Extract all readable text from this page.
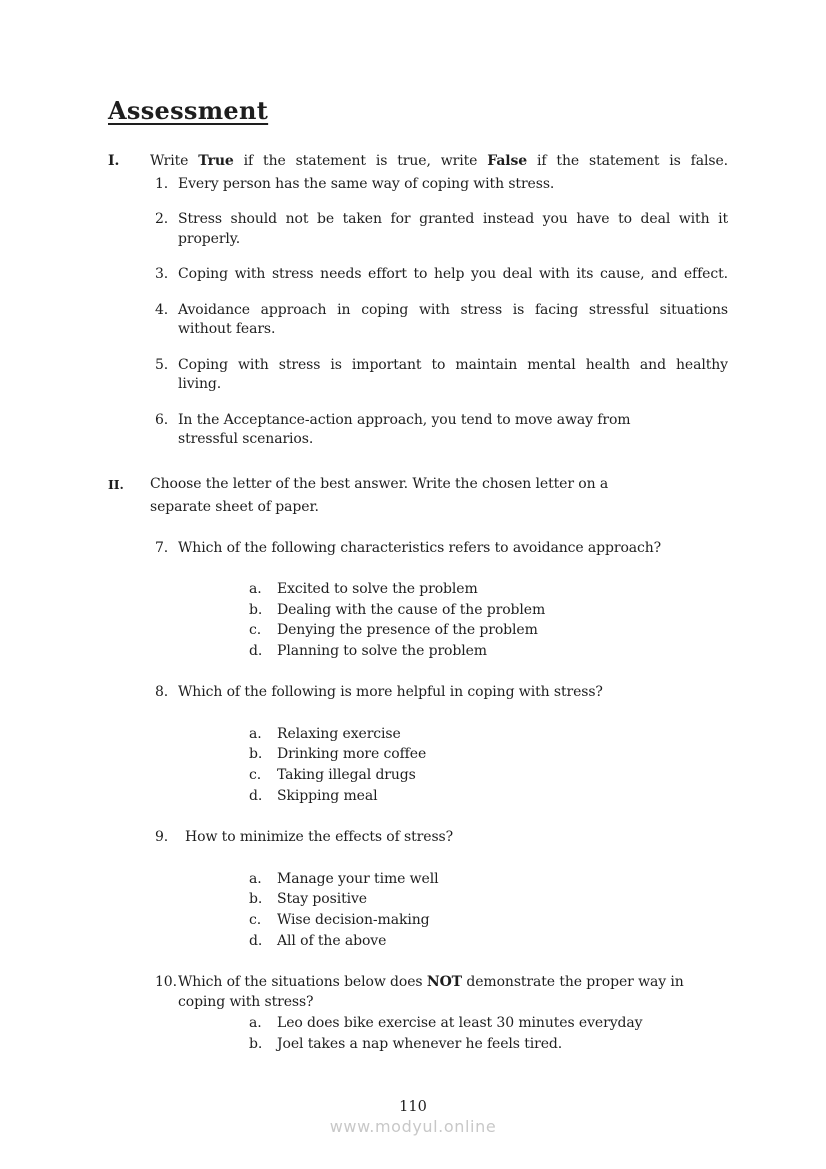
Assessment
I.	Write True if the statement is true, write False if the statement is false.
1. Every person has the same way of coping with stress.
2. Stress should not be taken for granted instead you have to deal with it
properly.
3. Coping with stress needs effort to help you deal with its cause, and effect.
4. Avoidance approach in coping with stress is facing stressful situations
without fears.
5. Coping with stress is important to maintain mental health and healthy
living.
6. In the Acceptance-action approach, you tend to move away from
stressful scenarios.
II.	Choose the letter of the best answer. Write the chosen letter on a
separate sheet of paper.
7. Which of the following characteristics refers to avoidance approach?
a.	Excited to solve the problem
b.	Dealing with the cause of the problem
c.	Denying the presence of the problem
d.	Planning to solve the problem
8. Which of the following is more helpful in coping with stress?
a.	Relaxing exercise
b.	Drinking more coffee
c.	Taking illegal drugs
d.	Skipping meal
9.	How to minimize the effects of stress?
a.	Manage your time well
b.	Stay positive
c.	Wise decision-making
d.	All of the above
10. Which of the situations below does NOT demonstrate the proper way in
coping with stress?
a.	Leo does bike exercise at least 30 minutes everyday
b.	Joel takes a nap whenever he feels tired.
110
www.modyul.online
